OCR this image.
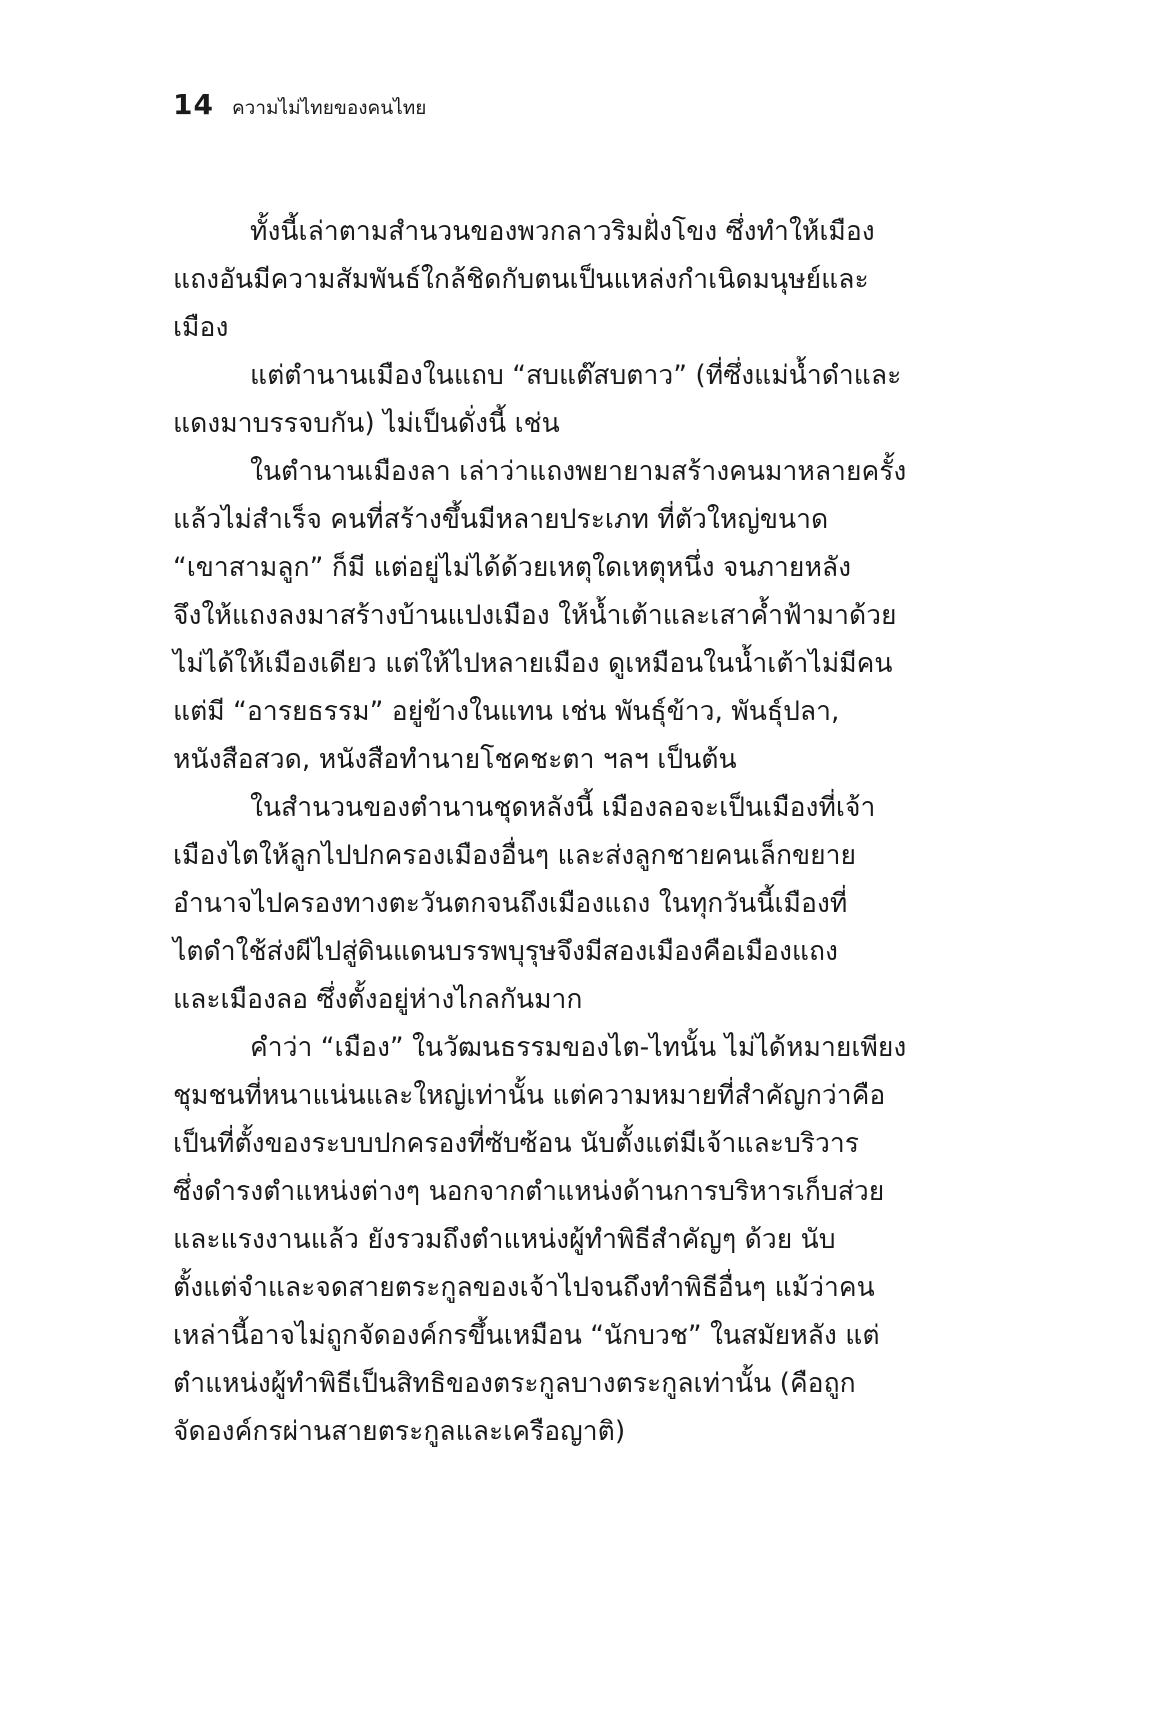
14 ความไม่ไทยของคนไทย
ทั้งนี้เล่าตามสำนวนของพวกลาวริมฝั่งโขง ซึ่งทำให้เมือง
แถงอันมีความสัมพันธ์ใกล้ชิดกับตนเป็นแหล่งกำเนิดมนุษย์และ
เมือง
แต่ตำนานเมืองในแถบ “สบแต๊สบตาว” (ที่ซึ่งแม่น้ำดำและ
แดงมาบรรจบกัน) ไม่เป็นดั่งนี้ เช่น
ในตำนานเมืองลา เล่าว่าแถงพยายามสร้างคนมาหลายครั้ง
แล้วไม่สำเร็จ คนที่สร้างขึ้นมีหลายประเภท ที่ตัวใหญ่ขนาด
“เขาสามลูก” ก็มี แต่อยู่ไม่ได้ด้วยเหตุใดเหตุหนึ่ง จนภายหลัง
จึงให้แถงลงมาสร้างบ้านแปงเมือง ให้น้ำเต้าและเสาค้ำฟ้ามาด้วย
ไม่ได้ให้เมืองเดียว แต่ให้ไปหลายเมือง ดูเหมือนในน้ำเต้าไม่มีคน
แต่มี “อารยธรรม” อยู่ข้างในแทน เช่น พันธุ์ข้าว, พันธุ์ปลา,
หนังสือสวด, หนังสือทำนายโชคชะตา ฯลฯ เป็นต้น
ในสำนวนของตำนานชุดหลังนี้ เมืองลอจะเป็นเมืองที่เจ้า
เมืองไตให้ลูกไปปกครองเมืองอื่นๆ และส่งลูกชายคนเล็กขยาย
อำนาจไปครองทางตะวันตกจนถึงเมืองแถง ในทุกวันนี้เมืองที่
ไตดำใช้ส่งผีไปสู่ดินแดนบรรพบุรุษจึงมีสองเมืองคือเมืองแถง
และเมืองลอ ซึ่งตั้งอยู่ห่างไกลกันมาก
คำว่า “เมือง” ในวัฒนธรรมของไต-ไทนั้น ไม่ได้หมายเพียง
ชุมชนที่หนาแน่นและใหญ่เท่านั้น แต่ความหมายที่สำคัญกว่าคือ
เป็นที่ตั้งของระบบปกครองที่ซับซ้อน นับตั้งแต่มีเจ้าและบริวาร
ซึ่งดำรงตำแหน่งต่างๆ นอกจากตำแหน่งด้านการบริหารเก็บส่วย
และแรงงานแล้ว ยังรวมถึงตำแหน่งผู้ทำพิธีสำคัญๆ ด้วย นับ
ตั้งแต่จำและจดสายตระกูลของเจ้าไปจนถึงทำพิธีอื่นๆ แม้ว่าคน
เหล่านี้อาจไม่ถูกจัดองค์กรขึ้นเหมือน “นักบวช” ในสมัยหลัง แต่
ตำแหน่งผู้ทำพิธีเป็นสิทธิของตระกูลบางตระกูลเท่านั้น (คือถูก
จัดองค์กรผ่านสายตระกูลและเครือญาติ)
